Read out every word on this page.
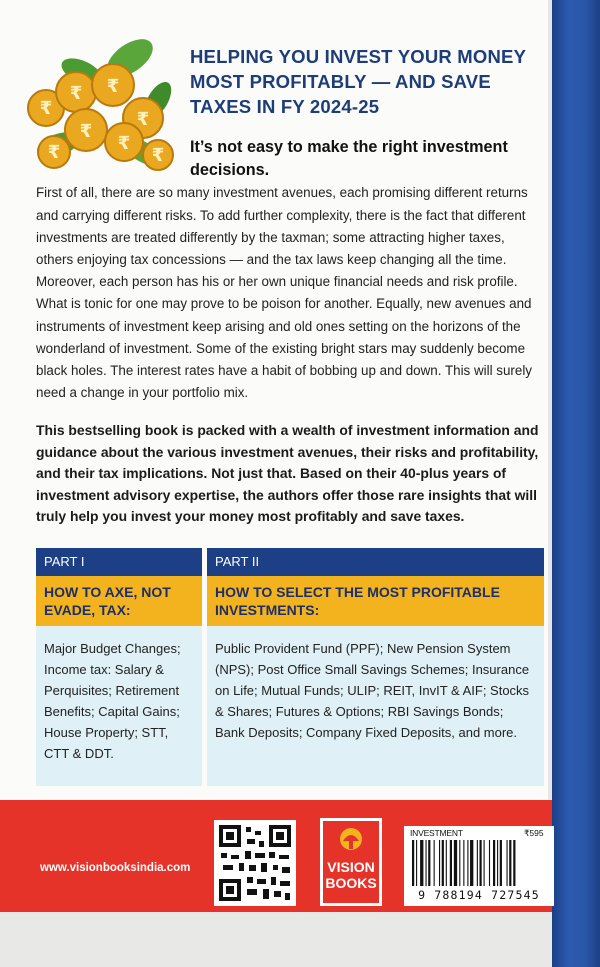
₹
₹ ₹
₹
₹
₹
₹	₹
HELPING YOU INVEST YOUR MONEY MOST PROFITABLY — AND SAVE TAXES IN FY 2024-25
It’s not easy to make the right investment decisions.
First of all, there are so many investment avenues, each promising different returns and carrying different risks. To add further complexity, there is the fact that different investments are treated differently by the taxman; some attracting higher taxes, others enjoying tax concessions — and the tax laws keep changing all the time. Moreover, each person has his or her own unique financial needs and risk profile. What is tonic for one may prove to be poison for another. Equally, new avenues and instruments of investment keep arising and old ones setting on the horizons of the wonderland of investment. Some of the existing bright stars may suddenly become black holes. The interest rates have a habit of bobbing up and down. This will surely need a change in your portfolio mix.
This bestselling book is packed with a wealth of investment information and guidance about the various investment avenues, their risks and profitability, and their tax implications. Not just that. Based on their 40-plus years of investment advisory expertise, the authors offer those rare insights that will truly help you invest your money most profitably and save taxes.
PART I	PART II
HOW TO AXE, NOT EVADE, TAX:
HOW TO SELECT THE MOST PROFITABLE INVESTMENTS:
Major Budget Changes; Income tax: Salary & Perquisites; Retirement Benefits; Capital Gains; House Property; STT, CTT & DDT.
Public Provident Fund (PPF); New Pension System (NPS); Post Office Small Savings Schemes; Insurance on Life; Mutual Funds; ULIP; REIT, InvIT & AIF; Stocks & Shares; Futures & Options; RBI Savings Bonds; Bank Deposits; Company Fixed Deposits, and more.
www.visionbooksindia.com	VISION
BOOKS
INVESTMENT	₹595
9 788194 727545
